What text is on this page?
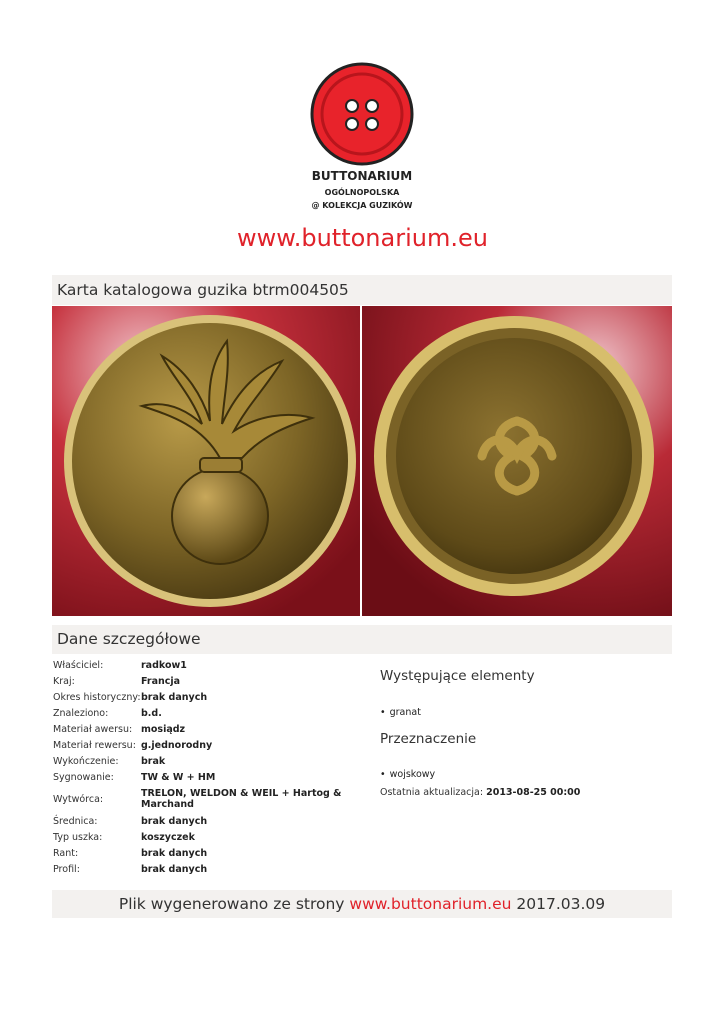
BUTTONARIUM
OGÓLNOPOLSKA
@ KOLEKCJA GUZIKÓW
www.buttonarium.eu
Karta katalogowa guzika btrm004505
Dane szczegółowe
Właściciel:	radkow1
Kraj:	Francja
Okres historyczny:	brak danych
Znaleziono:	b.d.
Materiał awersu:	mosiądz
Materiał rewersu:	g.jednorodny
Wykończenie:	brak
Sygnowanie:	TW & W + HM
Wytwórca:	TRELON, WELDON & WEIL + Hartog & Marchand
Średnica:	brak danych
Typ uszka:	koszyczek
Rant:	brak danych
Profil:	brak danych
Występujące elementy
• granat
Przeznaczenie
• wojskowy
Ostatnia aktualizacja: 2013-08-25 00:00
Plik wygenerowano ze strony www.buttonarium.eu 2017.03.09
